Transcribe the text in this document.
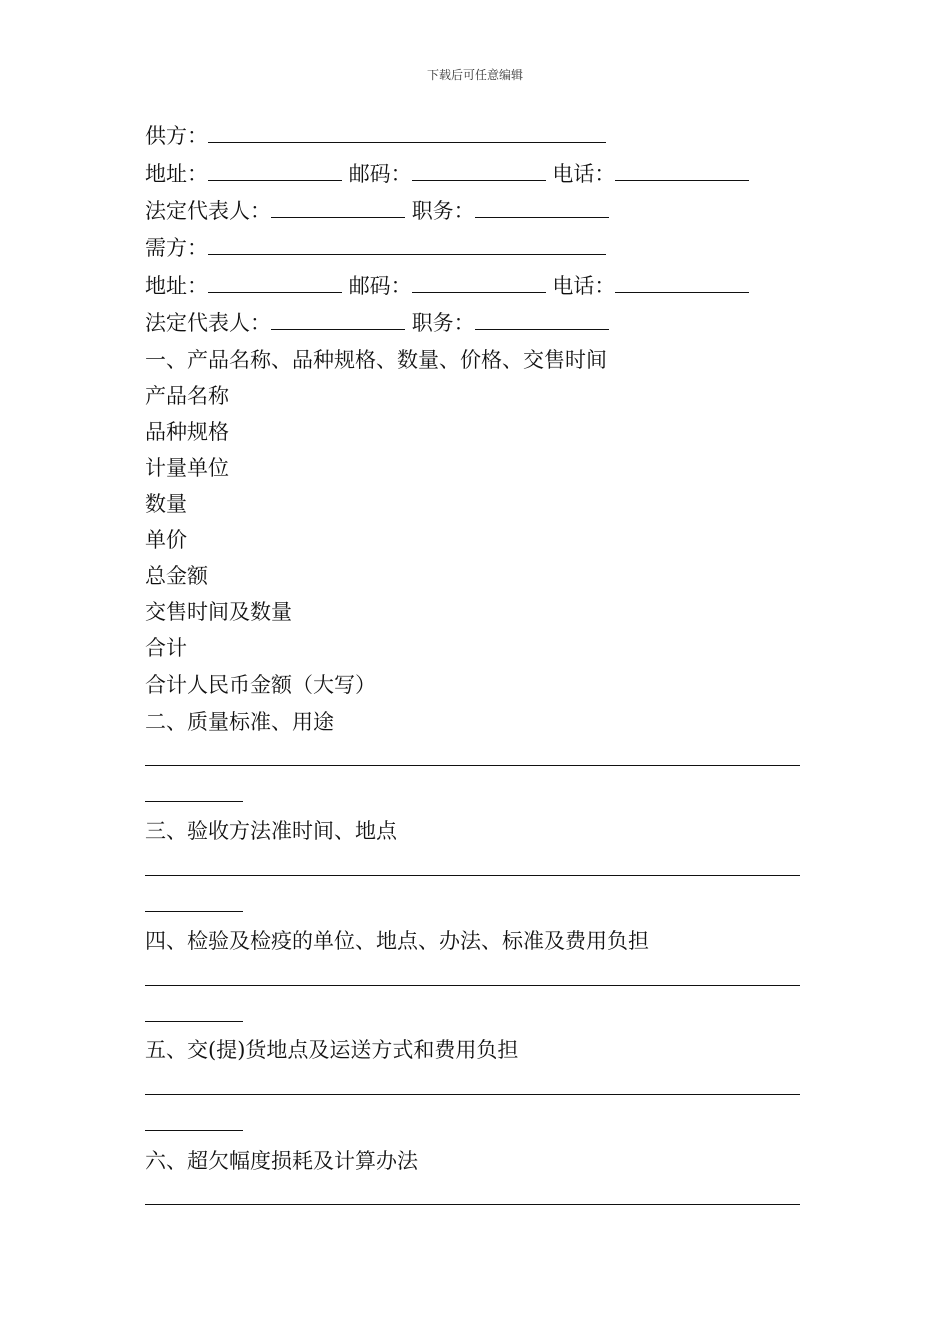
下载后可任意编辑
供方：
地址：	邮码：	电话：
法定代表人：	职务：
需方：
地址：	邮码：	电话：
法定代表人：	职务：
一、产品名称、品种规格、数量、价格、交售时间
产品名称
品种规格
计量单位
数量
单价
总金额
交售时间及数量
合计
合计人民币金额（大写）
二、质量标准、用途
三、验收方法准时间、地点
四、检验及检疫的单位、地点、办法、标准及费用负担
五、交(提)货地点及运送方式和费用负担
六、超欠幅度损耗及计算办法
